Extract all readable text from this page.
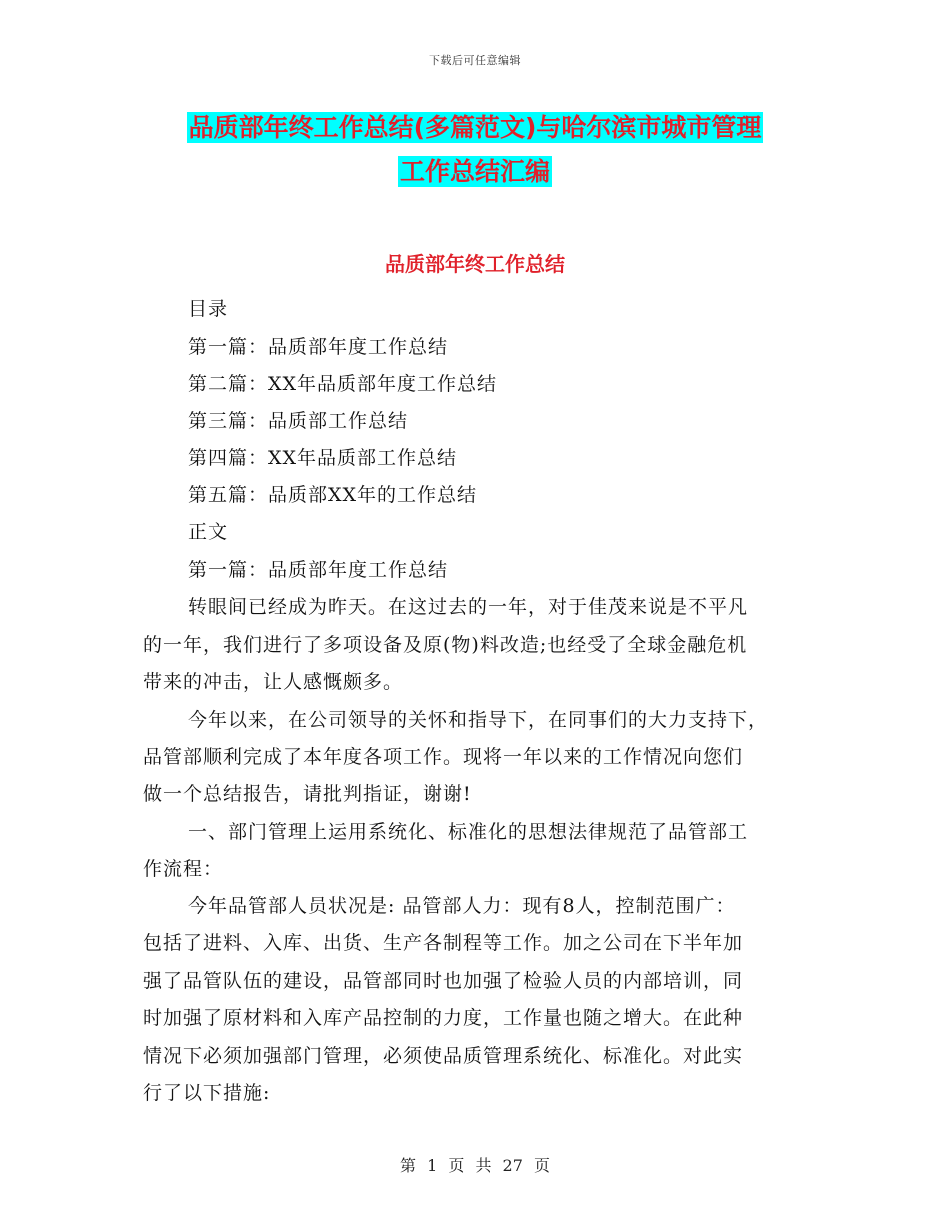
下载后可任意编辑
品质部年终工作总结(多篇范文)与哈尔滨市城市管理
工作总结汇编
品质部年终工作总结
目录
第一篇：品质部年度工作总结
第二篇：XX年品质部年度工作总结
第三篇：品质部工作总结
第四篇：XX年品质部工作总结
第五篇：品质部XX年的工作总结
正文
第一篇：品质部年度工作总结
转眼间已经成为昨天。在这过去的一年，对于佳茂来说是不平凡
的一年，我们进行了多项设备及原(物)料改造;也经受了全球金融危机
带来的冲击，让人感慨颇多。
今年以来，在公司领导的关怀和指导下，在同事们的大力支持下，
品管部顺利完成了本年度各项工作。现将一年以来的工作情况向您们
做一个总结报告，请批判指证，谢谢!
一、部门管理上运用系统化、标准化的思想法律规范了品管部工
作流程：
今年品管部人员状况是: 品管部人力：现有8人，控制范围广：
包括了进料、入库、出货、生产各制程等工作。加之公司在下半年加
强了品管队伍的建设，品管部同时也加强了检验人员的内部培训，同
时加强了原材料和入库产品控制的力度，工作量也随之增大。在此种
情况下必须加强部门管理，必须使品质管理系统化、标准化。对此实
行了以下措施:
第 1 页 共 27 页
